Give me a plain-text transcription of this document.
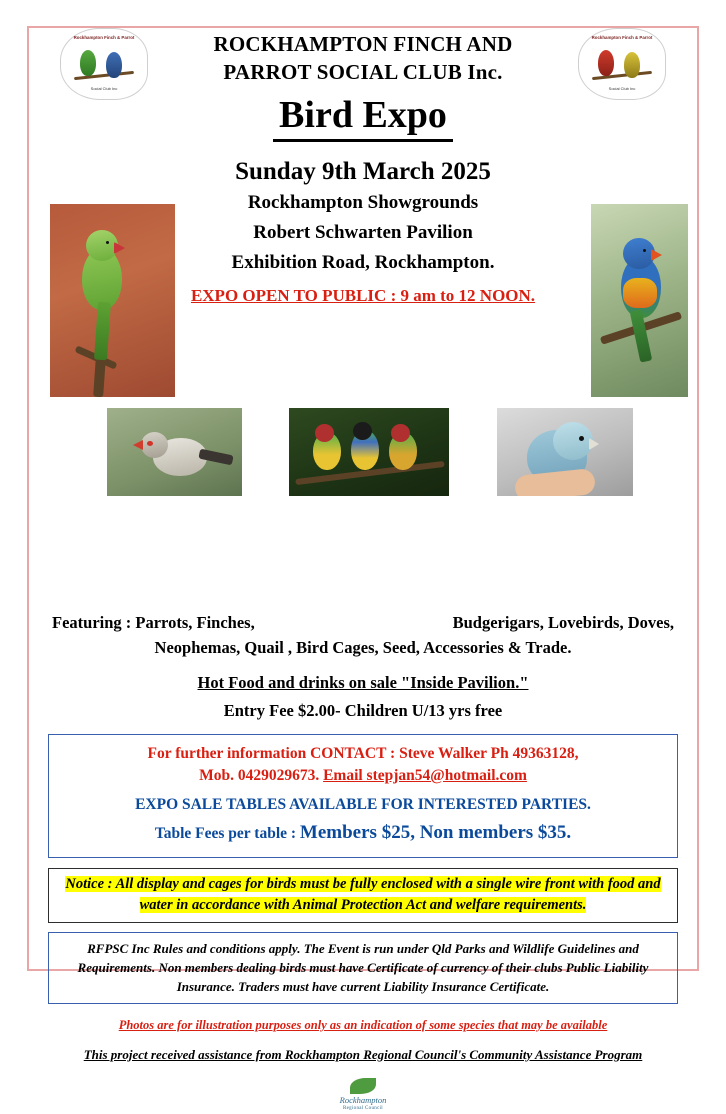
Rockhampton Finch & Parrot
Social Club Inc
Rockhampton Finch & Parrot
Social Club Inc
ROCKHAMPTON FINCH AND
PARROT SOCIAL CLUB Inc.
Bird Expo
Sunday 9th March 2025
Rockhampton Showgrounds
Robert Schwarten Pavilion
Exhibition Road, Rockhampton.
EXPO OPEN TO PUBLIC : 9 am to 12 NOON.
Featuring : Parrots, Finches,	Budgerigars, Lovebirds, Doves,
Neophemas, Quail , Bird Cages, Seed, Accessories & Trade.
Hot Food and drinks on sale "Inside Pavilion."
Entry Fee $2.00- Children U/13 yrs free
For further information CONTACT : Steve Walker Ph 49363128,
Mob. 0429029673. Email stepjan54@hotmail.com
EXPO SALE TABLES AVAILABLE FOR INTERESTED PARTIES.
Table Fees per table : Members $25, Non members $35.
Notice : All display and cages for birds must be fully enclosed with a single wire front with food and water in accordance with Animal Protection Act and welfare requirements.
RFPSC Inc Rules and conditions apply. The Event is run under Qld Parks and Wildlife Guidelines and Requirements. Non members dealing birds must have Certificate of currency of their clubs Public Liability Insurance. Traders must have current Liability Insurance Certificate.
Photos are for illustration purposes only as an indication of some species that may be available
This project received assistance from Rockhampton Regional Council's Community Assistance Program
Rockhampton
Regional Council
